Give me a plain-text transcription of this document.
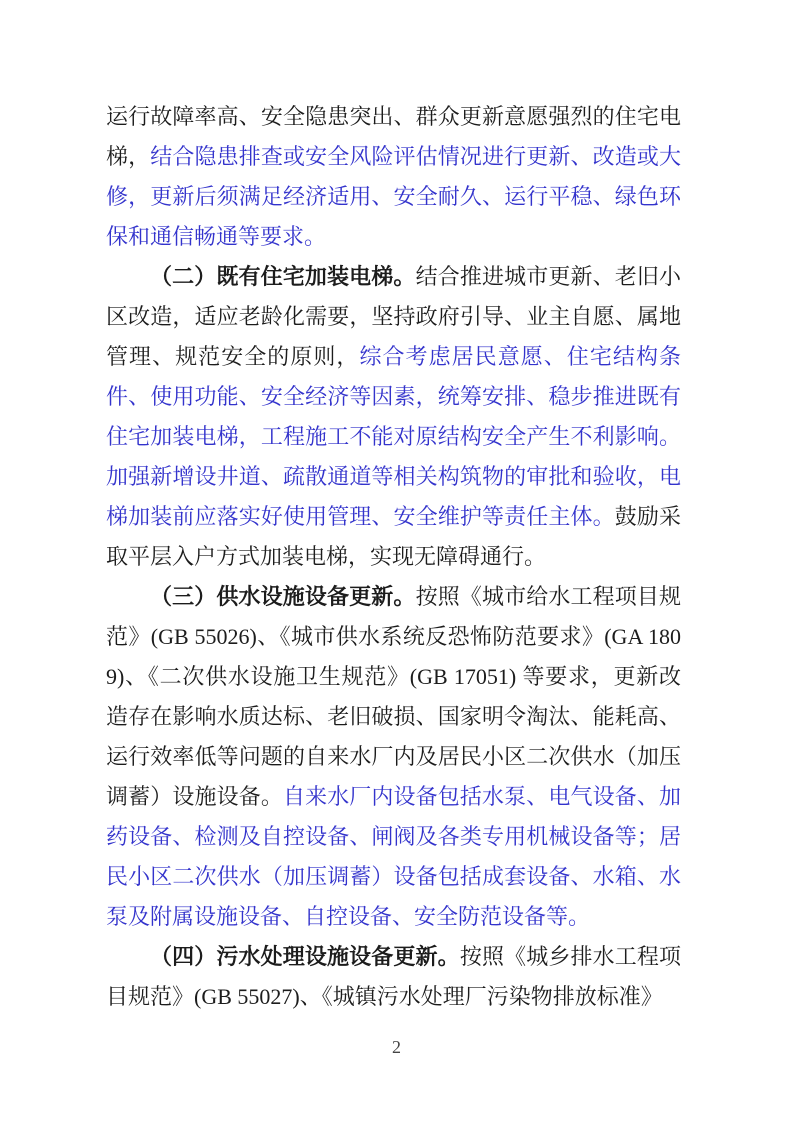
运行故障率高、安全隐患突出、群众更新意愿强烈的住宅电梯，结合隐患排查或安全风险评估情况进行更新、改造或大修，更新后须满足经济适用、安全耐久、运行平稳、绿色环保和通信畅通等要求。

（二）既有住宅加装电梯。结合推进城市更新、老旧小区改造，适应老龄化需要，坚持政府引导、业主自愿、属地管理、规范安全的原则，综合考虑居民意愿、住宅结构条件、使用功能、安全经济等因素，统筹安排、稳步推进既有住宅加装电梯，工程施工不能对原结构安全产生不利影响。加强新增设井道、疏散通道等相关构筑物的审批和验收，电梯加装前应落实好使用管理、安全维护等责任主体。鼓励采取平层入户方式加装电梯，实现无障碍通行。

（三）供水设施设备更新。按照《城市给水工程项目规范》(GB 55026)、《城市供水系统反恐怖防范要求》(GA 1809)、《二次供水设施卫生规范》(GB 17051) 等要求，更新改造存在影响水质达标、老旧破损、国家明令淘汰、能耗高、运行效率低等问题的自来水厂内及居民小区二次供水（加压调蓄）设施设备。自来水厂内设备包括水泵、电气设备、加药设备、检测及自控设备、闸阀及各类专用机械设备等；居民小区二次供水（加压调蓄）设备包括成套设备、水箱、水泵及附属设施设备、自控设备、安全防范设备等。

（四）污水处理设施设备更新。按照《城乡排水工程项目规范》(GB 55027)、《城镇污水处理厂污染物排放标准》

2
